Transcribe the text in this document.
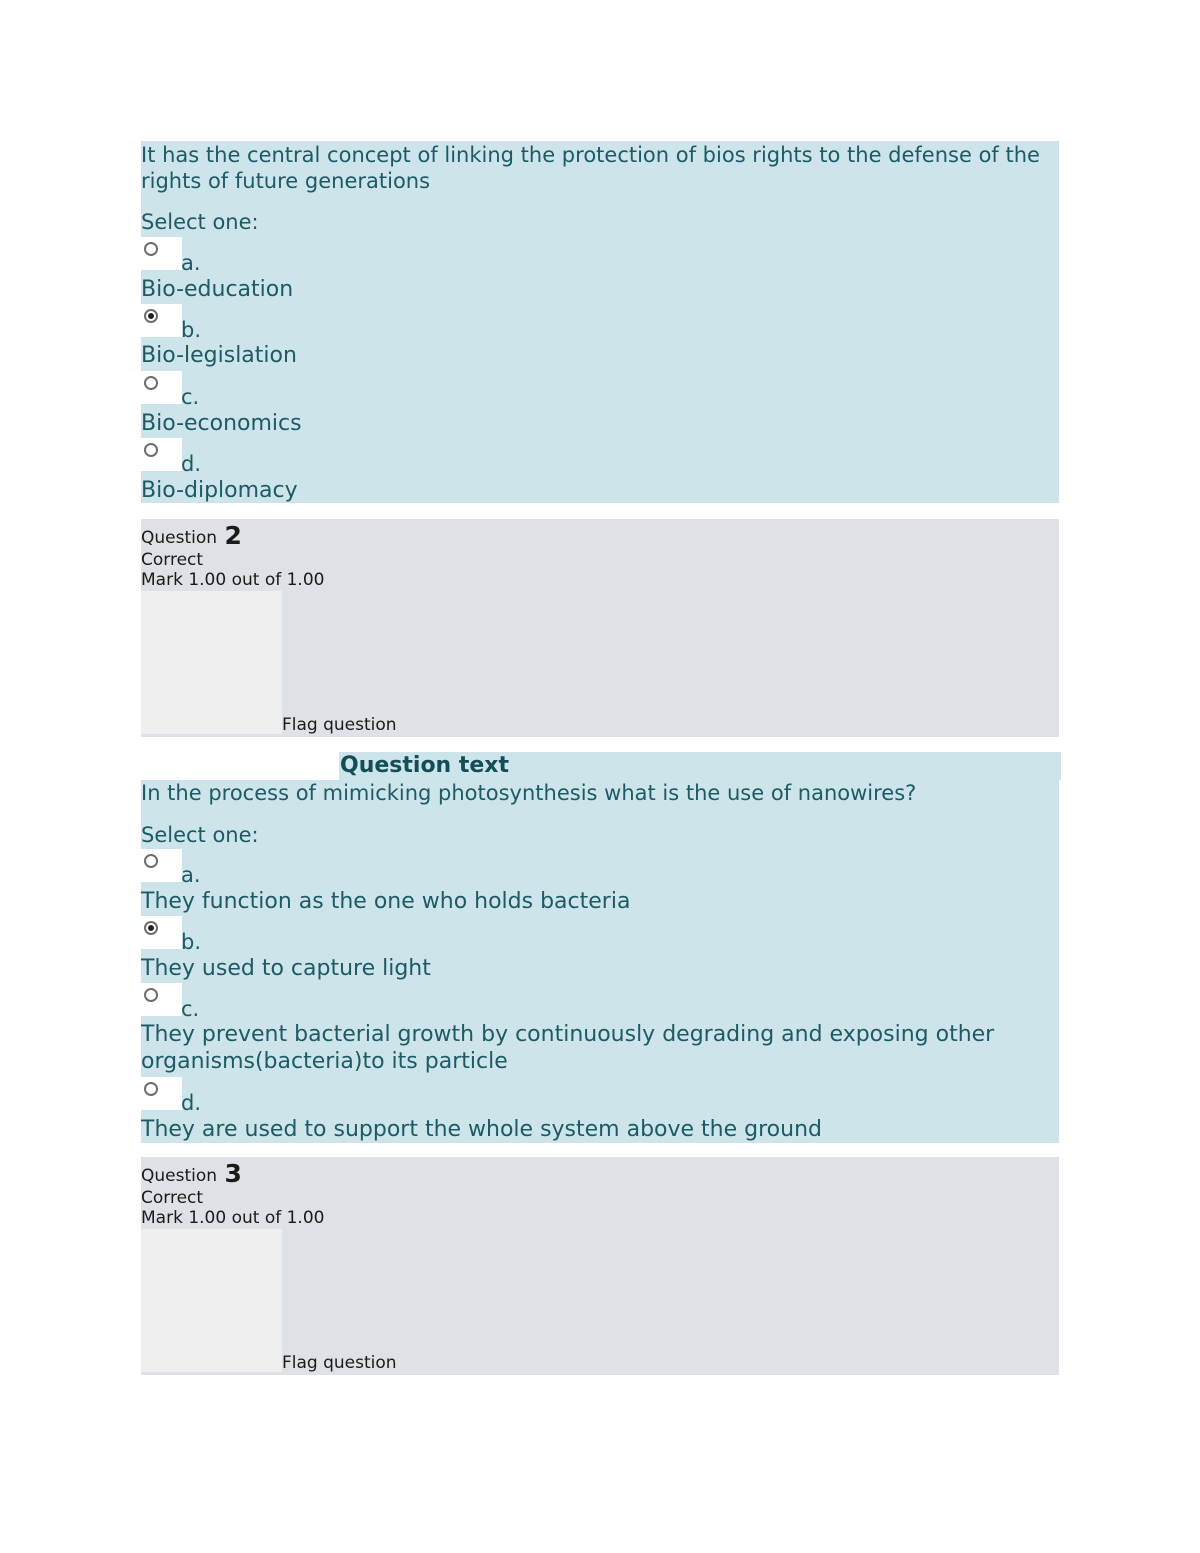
It has the central concept of linking the protection of bios rights to the defense of the rights of future generations

Select one:
a.
Bio-education
b.
Bio-legislation
c.
Bio-economics
d.
Bio-diplomacy
Question 2
Correct
Mark 1.00 out of 1.00
Flag question
Question text

In the process of mimicking photosynthesis what is the use of nanowires?

Select one:
a.
They function as the one who holds bacteria
b.
They used to capture light
c.
They prevent bacterial growth by continuously degrading and exposing other organisms(bacteria)to its particle
d.
They are used to support the whole system above the ground
Question 3
Correct
Mark 1.00 out of 1.00
Flag question
